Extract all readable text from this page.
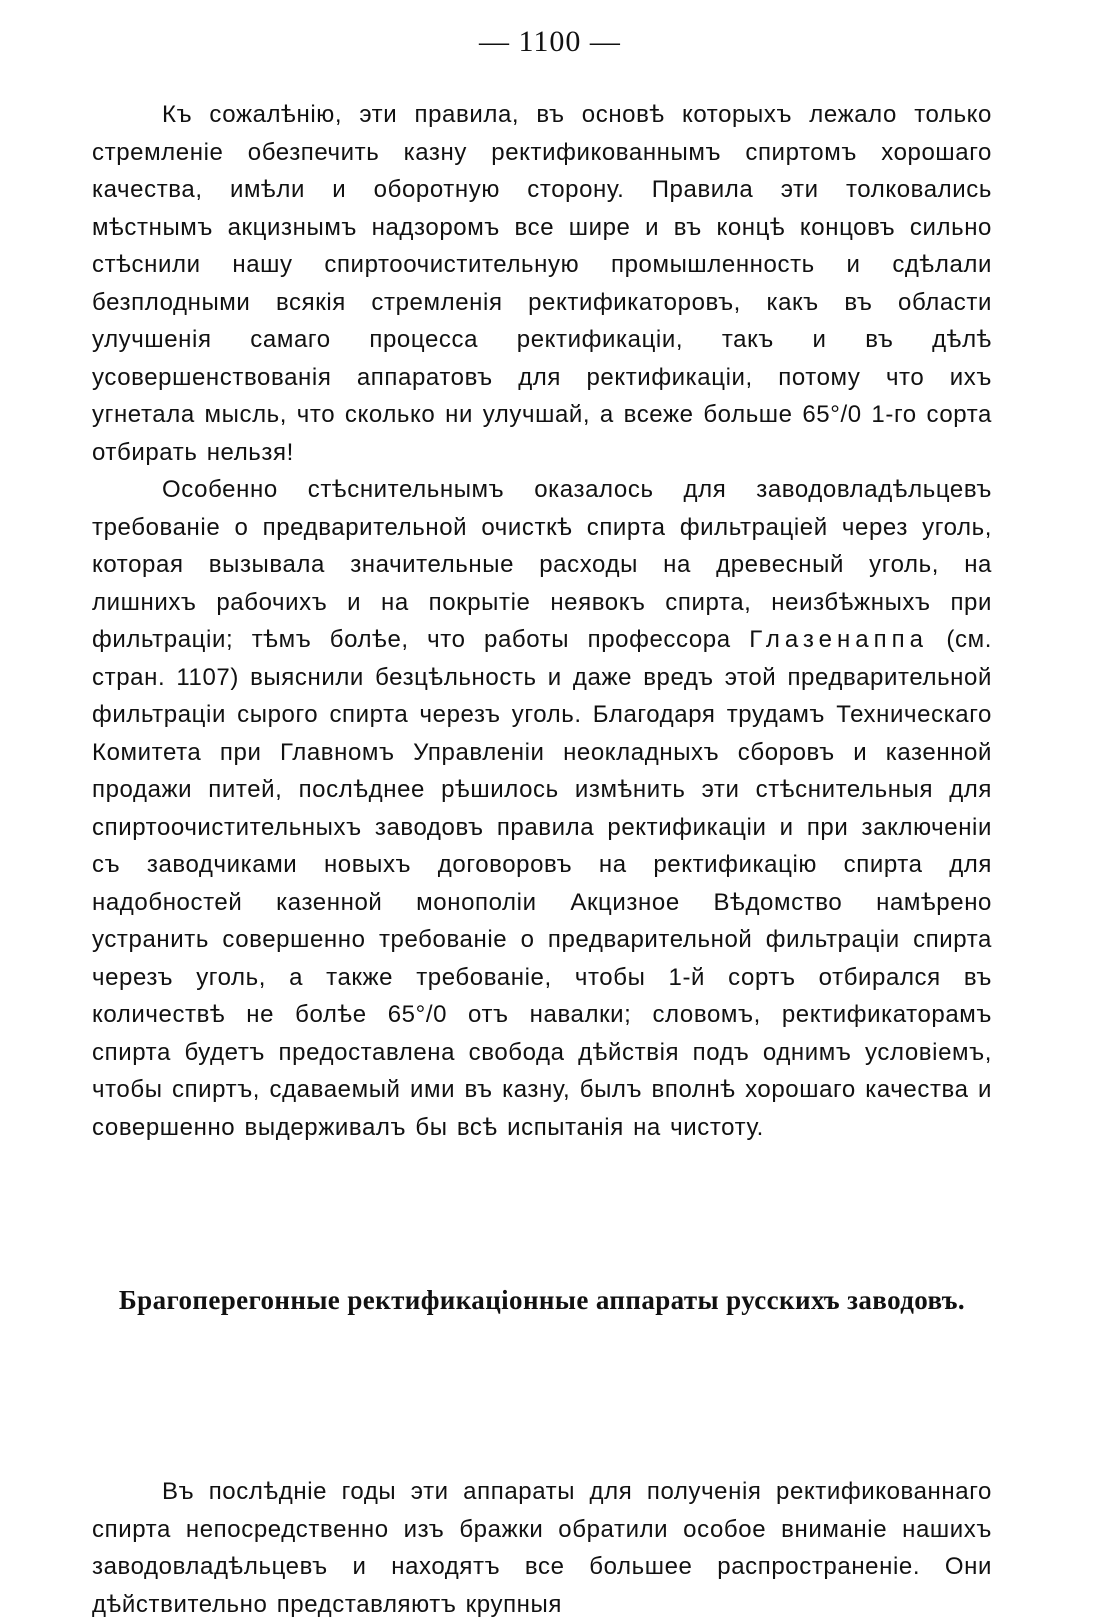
— 1100 —

Къ сожалѣнію, эти правила, въ основѣ которыхъ лежало только стремленіе обезпечить казну ректификованнымъ спиртомъ хорошаго качества, имѣли и оборотную сторону. Правила эти толковались мѣстнымъ акцизнымъ надзоромъ все шире и въ концѣ концовъ сильно стѣснили нашу спиртоочистительную промышленность и сдѣлали безплодными всякія стремленія ректификаторовъ, какъ въ области улучшенія самаго процесса ректификаціи, такъ и въ дѣлѣ усовершенствованія аппаратовъ для ректификаціи, потому что ихъ угнетала мысль, что сколько ни улучшай, а всеже больше 65°/0 1-го сорта отбирать нельзя!

Особенно стѣснительнымъ оказалось для заводовладѣльцевъ требованіе о предварительной очисткѣ спирта фильтраціей через уголь, которая вызывала значительные расходы на древесный уголь, на лишнихъ рабочихъ и на покрытіе неявокъ спирта, неизбѣжныхъ при фильтраціи; тѣмъ болѣе, что работы профессора Глазенаппа (см. стран. 1107) выяснили безцѣльность и даже вредъ этой предварительной фильтраціи сырого спирта черезъ уголь. Благодаря трудамъ Техническаго Комитета при Главномъ Управленіи неокладныхъ сборовъ и казенной продажи питей, послѣднее рѣшилось измѣнить эти стѣснительныя для спиртоочистительныхъ заводовъ правила ректификаціи и при заключеніи съ заводчиками новыхъ договоровъ на ректификацію спирта для надобностей казенной монополіи Акцизное Вѣдомство намѣрено устранить совершенно требованіе о предварительной фильтраціи спирта черезъ уголь, а также требованіе, чтобы 1-й сортъ отбирался въ количествѣ не болѣе 65°/0 отъ навалки; словомъ, ректификаторамъ спирта будетъ предоставлена свобода дѣйствія подъ однимъ условіемъ, чтобы спиртъ, сдаваемый ими въ казну, былъ вполнѣ хорошаго качества и совершенно выдерживалъ бы всѣ испытанія на чистоту.

Брагоперегонные ректификаціонные аппараты русскихъ заводовъ.

Въ послѣдніе годы эти аппараты для полученія ректификованнаго спирта непосредственно изъ бражки обратили особое вниманіе нашихъ заводовладѣльцевъ и находятъ все большее распространеніе. Они дѣйствительно представляютъ крупныя
